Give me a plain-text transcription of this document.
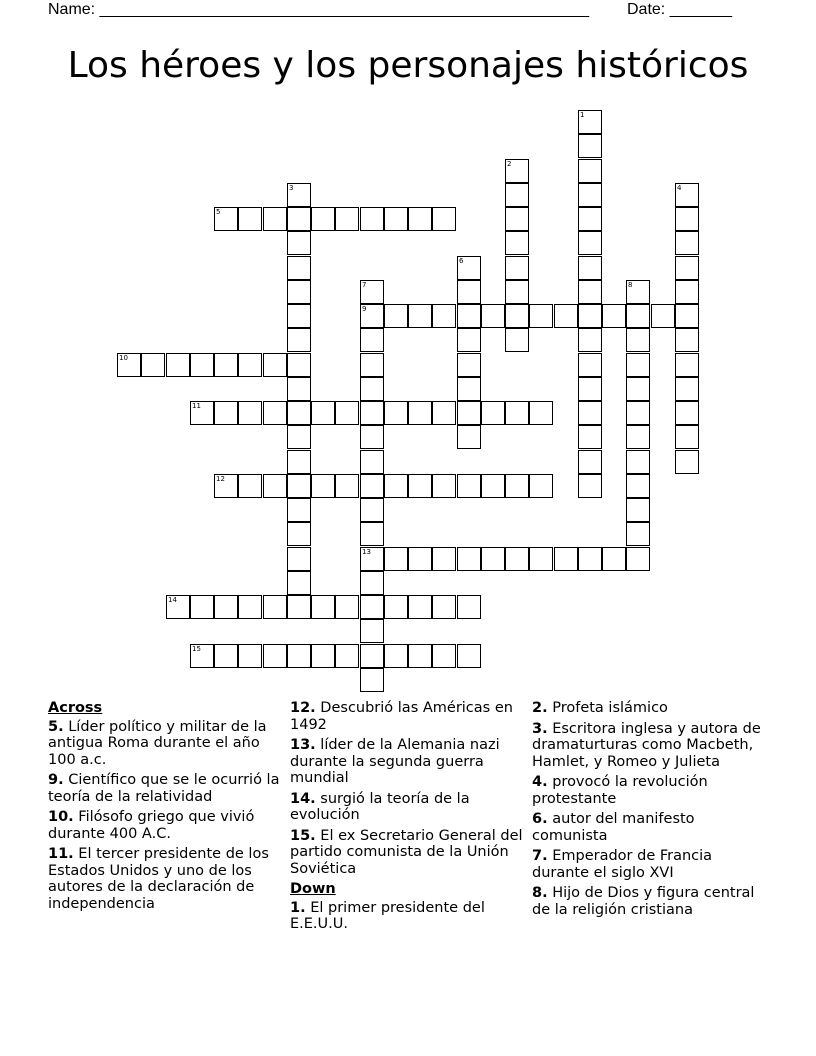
Name: _______________________________________________________ Date: _______
Los héroes y los personajes históricos
5
9
10
11
12
13
14
15
1
2
3	4
6
7	8
Across
5. Líder político y militar de la antigua Roma durante el año 100 a.c.
9. Científico que se le ocurrió la teoría de la relatividad
10. Filósofo griego que vivió durante 400 A.C.
11. El tercer presidente de los Estados Unidos y uno de los autores de la declaración de independencia
12. Descubrió las Américas en 1492
13. líder de la Alemania nazi durante la segunda guerra mundial
14. surgió la teoría de la evolución
15. El ex Secretario General del partido comunista de la Unión Soviética
Down
1. El primer presidente del E.E.U.U.
2. Profeta islámico
3. Escritora inglesa y autora de dramaturturas como Macbeth, Hamlet, y Romeo y Julieta
4. provocó la revolución protestante
6. autor del manifesto comunista
7. Emperador de Francia durante el siglo XVI
8. Hijo de Dios y figura central de la religión cristiana
